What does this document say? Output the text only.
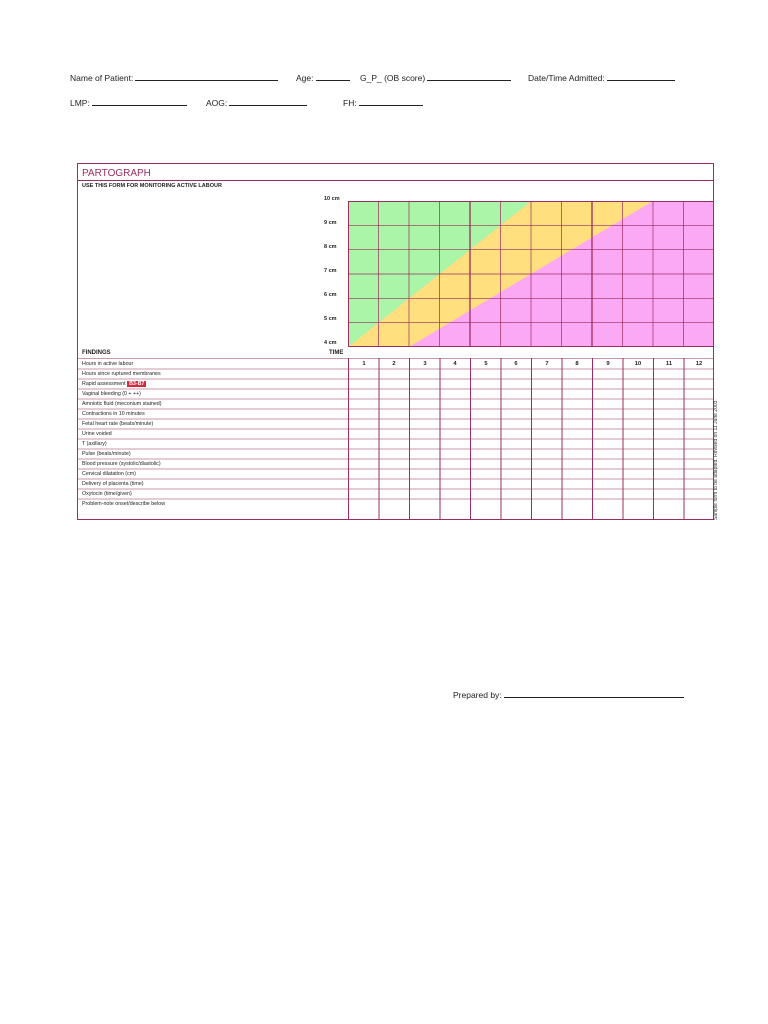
Name of Patient:	Age:	G_P_ (OB score)	Date/Time Admitted:
LMP:	AOG:	FH:
PARTOGRAPH
USE THIS FORM FOR MONITORING ACTIVE LABOUR
10 cm
9 cm
8 cm
7 cm
6 cm
5 cm
4 cm
FINDINGS	TIME
1	2	3	4	5	6	7	8	9	10	11	12
Hours in active labour
Hours since ruptured membranes
Rapid assessment B3-B7
Vaginal bleeding (0 + ++)
Amniotic fluid (meconium stained)
Contractions in 10 minutes
Fetal heart rate (beats/minute)
Urine voided
T (axillary)
Pulse (beats/minute)
Blood pressure (systolic/diastolic)
Cervical dilatation (cm)
Delivery of placenta (time)
Oxytocin (time/given)
Problem-note onset/describe below	Sample form to be adapted. Revised on 11 June 2003.
Prepared by:
